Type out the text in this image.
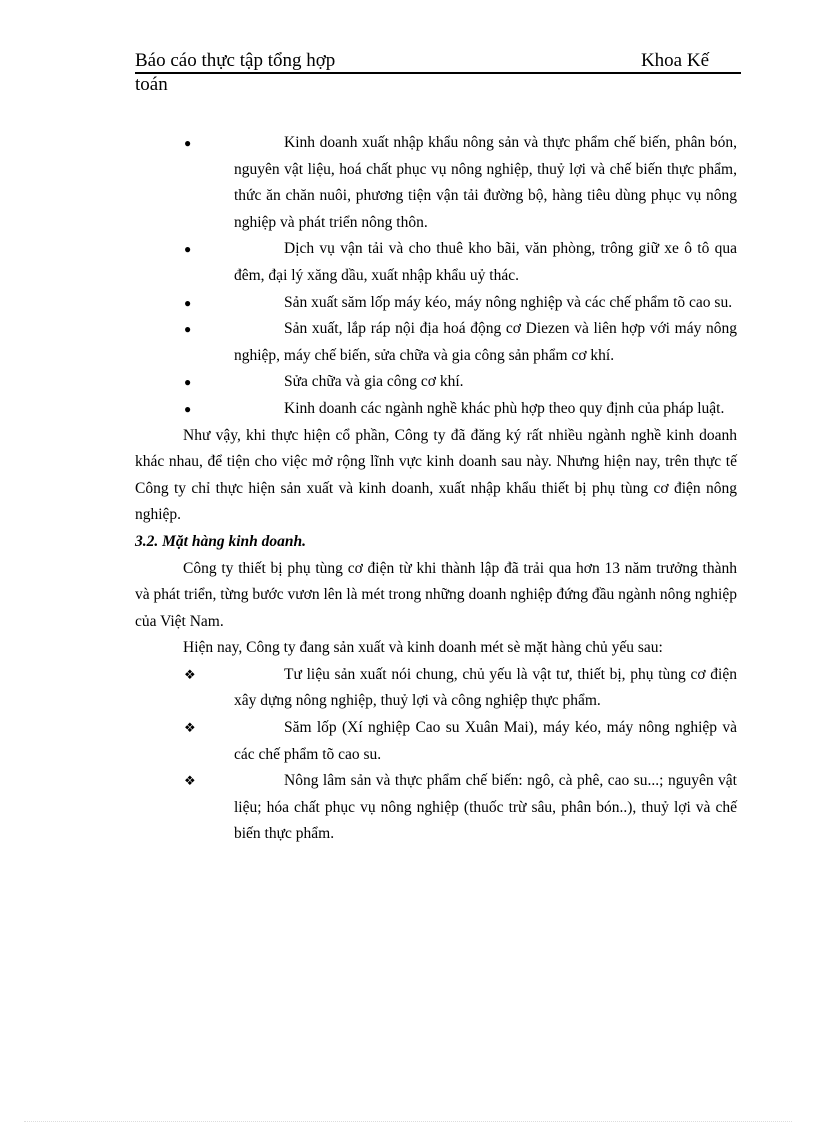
Báo cáo thực tập tổng hợp	Khoa Kế
toán
●	Kinh doanh xuất nhập khẩu nông sản và thực phẩm chế biến, phân bón, nguyên vật liệu, hoá chất phục vụ nông nghiệp, thuỷ lợi và chế biến thực phẩm, thức ăn chăn nuôi, phương tiện vận tải đường bộ, hàng tiêu dùng phục vụ nông nghiệp và phát triển nông thôn.
●	Dịch vụ vận tải và cho thuê kho bãi, văn phòng, trông giữ xe ô tô qua đêm, đại lý xăng dầu, xuất nhập khẩu uỷ thác.
●	Sản xuất săm lốp máy kéo, máy nông nghiệp và các chế phẩm tõ cao su.
●	Sản xuất, lắp ráp nội địa hoá động cơ Diezen và liên hợp với máy nông nghiệp, máy chế biến, sửa chữa và gia công sản phẩm cơ khí.
●	Sửa chữa và gia công cơ khí.
●	Kinh doanh các ngành nghề khác phù hợp theo quy định của pháp luật.
Như vậy, khi thực hiện cổ phần, Công ty đã đăng ký rất nhiều ngành nghề kinh doanh khác nhau, để tiện cho việc mở rộng lĩnh vực kinh doanh sau này. Nhưng hiện nay, trên thực tế Công ty chỉ thực hiện sản xuất và kinh doanh, xuất nhập khẩu thiết bị phụ tùng cơ điện nông nghiệp.
3.2. Mặt hàng kinh doanh.
Công ty thiết bị phụ tùng cơ điện từ khi thành lập đã trải qua hơn 13 năm trưởng thành và phát triển, từng bước vươn lên là mét trong những doanh nghiệp đứng đầu ngành nông nghiệp của Việt Nam.
Hiện nay, Công ty đang sản xuất và kinh doanh mét sè mặt hàng chủ yếu sau:
❖	Tư liệu sản xuất nói chung, chủ yếu là vật tư, thiết bị, phụ tùng cơ điện xây dựng nông nghiệp, thuỷ lợi và công nghiệp thực phẩm.
❖	Săm lốp (Xí nghiệp Cao su Xuân Mai), máy kéo, máy nông nghiệp và các chế phẩm tõ cao su.
❖	Nông lâm sản và thực phẩm chế biến: ngô, cà phê, cao su...; nguyên vật liệu; hóa chất phục vụ nông nghiệp (thuốc trừ sâu, phân bón..), thuỷ lợi và chế biến thực phẩm.
